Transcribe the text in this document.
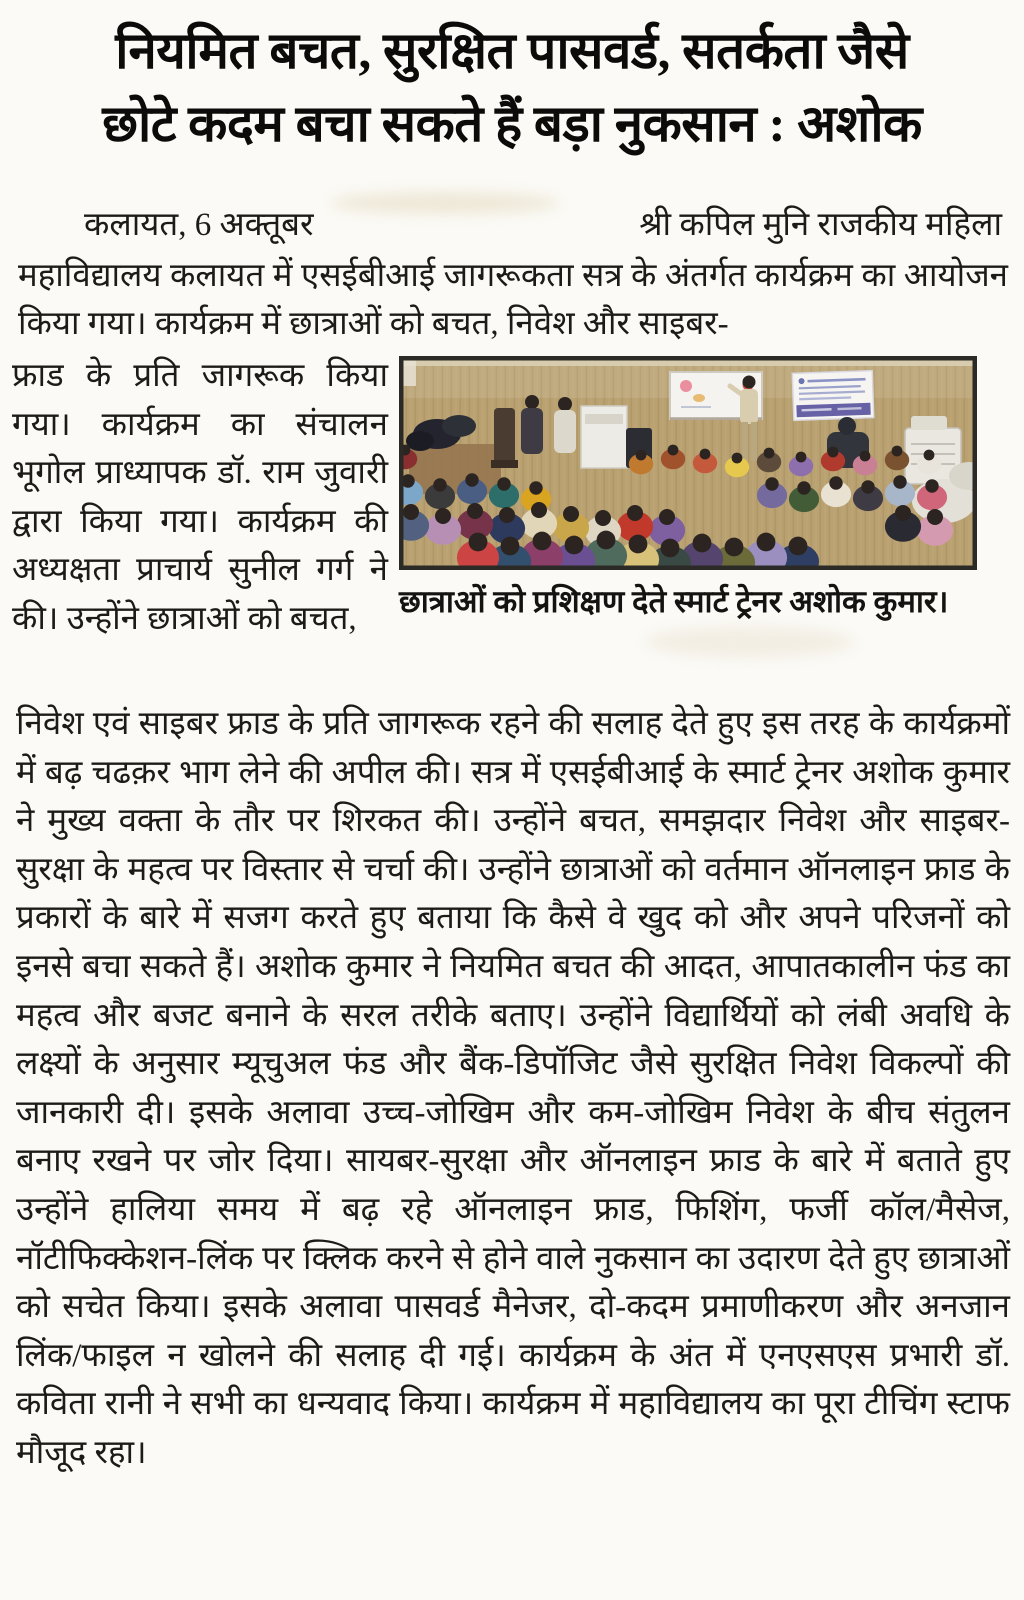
नियमित बचत, सुरक्षित पासवर्ड, सतर्कता जैसे
छोटे कदम बचा सकते हैं बड़ा नुकसान : अशोक
कलायत, 6 अक्तूबर	श्री कपिल मुनि राजकीय महिला
महाविद्यालय कलायत में एसईबीआई जागरूकता सत्र के अंतर्गत कार्यक्रम का आयोजन किया गया। कार्यक्रम में छात्राओं को बचत, निवेश और साइबर-
फ्राड के प्रति जागरूक किया गया। कार्यक्रम का संचालन भूगोल प्राध्यापक डॉ. राम जुवारी द्वारा किया गया। कार्यक्रम की अध्यक्षता प्राचार्य सुनील गर्ग ने की। उन्होंने छात्राओं को बचत,	छात्राओं को प्रशिक्षण देते स्मार्ट ट्रेनर अशोक कुमार।
निवेश एवं साइबर फ्राड के प्रति जागरूक रहने की सलाह देते हुए इस तरह के कार्यक्रमों में बढ़ चढक़र भाग लेने की अपील की। सत्र में एसईबीआई के स्मार्ट ट्रेनर अशोक कुमार ने मुख्य वक्ता के तौर पर शिरकत की। उन्होंने बचत, समझदार निवेश और साइबर-सुरक्षा के महत्व पर विस्तार से चर्चा की। उन्होंने छात्राओं को वर्तमान ऑनलाइन फ्राड के प्रकारों के बारे में सजग करते हुए बताया कि कैसे वे खुद को और अपने परिजनों को इनसे बचा सकते हैं। अशोक कुमार ने नियमित बचत की आदत, आपातकालीन फंड का महत्व और बजट बनाने के सरल तरीके बताए। उन्होंने विद्यार्थियों को लंबी अवधि के लक्ष्यों के अनुसार म्यूचुअल फंड और बैंक-डिपॉजिट जैसे सुरक्षित निवेश विकल्पों की जानकारी दी। इसके अलावा उच्च-जोखिम और कम-जोखिम निवेश के बीच संतुलन बनाए रखने पर जोर दिया। सायबर-सुरक्षा और ऑनलाइन फ्राड के बारे में बताते हुए उन्होंने हालिया समय में बढ़ रहे ऑनलाइन फ्राड, फिशिंग, फर्जी कॉल/मैसेज, नॉटीफिक्केशन-लिंक पर क्लिक करने से होने वाले नुकसान का उदारण देते हुए छात्राओं को सचेत किया। इसके अलावा पासवर्ड मैनेजर, दो-कदम प्रमाणीकरण और अनजान लिंक/फाइल न खोलने की सलाह दी गई। कार्यक्रम के अंत में एनएसएस प्रभारी डॉ. कविता रानी ने सभी का धन्यवाद किया। कार्यक्रम में महाविद्यालय का पूरा टीचिंग स्टाफ मौजूद रहा।
